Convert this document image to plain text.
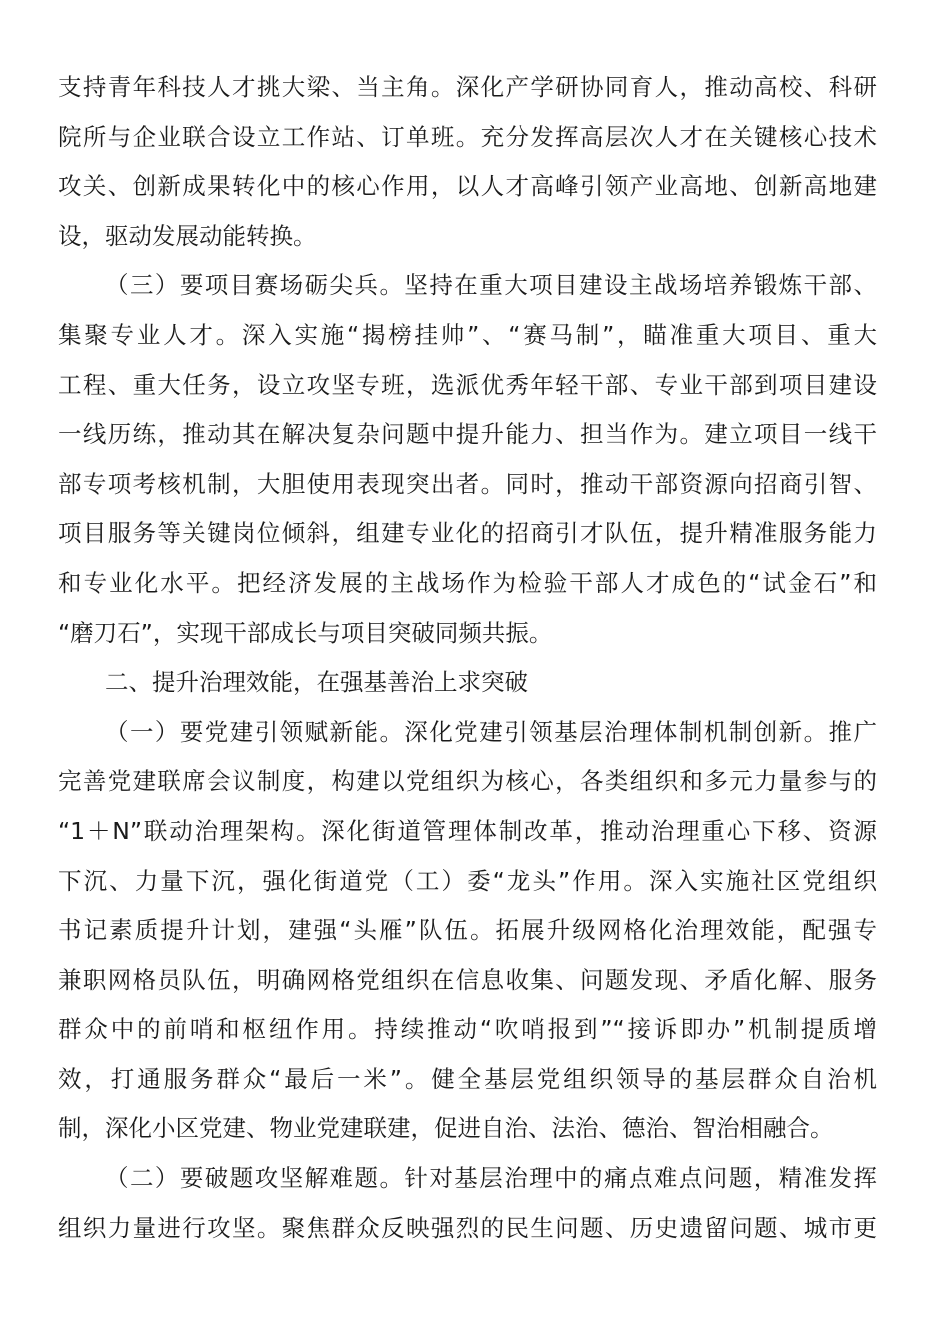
支持青年科技人才挑大梁、当主角。深化产学研协同育人，推动高校、科研
院所与企业联合设立工作站、订单班。充分发挥高层次人才在关键核心技术
攻关、创新成果转化中的核心作用，以人才高峰引领产业高地、创新高地建
设，驱动发展动能转换。
（三）要项目赛场砺尖兵。坚持在重大项目建设主战场培养锻炼干部、
集聚专业人才。深入实施“揭榜挂帅”、“赛马制”，瞄准重大项目、重大
工程、重大任务，设立攻坚专班，选派优秀年轻干部、专业干部到项目建设
一线历练，推动其在解决复杂问题中提升能力、担当作为。建立项目一线干
部专项考核机制，大胆使用表现突出者。同时，推动干部资源向招商引智、
项目服务等关键岗位倾斜，组建专业化的招商引才队伍，提升精准服务能力
和专业化水平。把经济发展的主战场作为检验干部人才成色的“试金石”和
“磨刀石”，实现干部成长与项目突破同频共振。
二、提升治理效能，在强基善治上求突破
（一）要党建引领赋新能。深化党建引领基层治理体制机制创新。推广
完善党建联席会议制度，构建以党组织为核心，各类组织和多元力量参与的
“1＋N”联动治理架构。深化街道管理体制改革，推动治理重心下移、资源
下沉、力量下沉，强化街道党（工）委“龙头”作用。深入实施社区党组织
书记素质提升计划，建强“头雁”队伍。拓展升级网格化治理效能，配强专
兼职网格员队伍，明确网格党组织在信息收集、问题发现、矛盾化解、服务
群众中的前哨和枢纽作用。持续推动“吹哨报到”“接诉即办”机制提质增
效，打通服务群众“最后一米”。健全基层党组织领导的基层群众自治机
制，深化小区党建、物业党建联建，促进自治、法治、德治、智治相融合。
（二）要破题攻坚解难题。针对基层治理中的痛点难点问题，精准发挥
组织力量进行攻坚。聚焦群众反映强烈的民生问题、历史遗留问题、城市更
